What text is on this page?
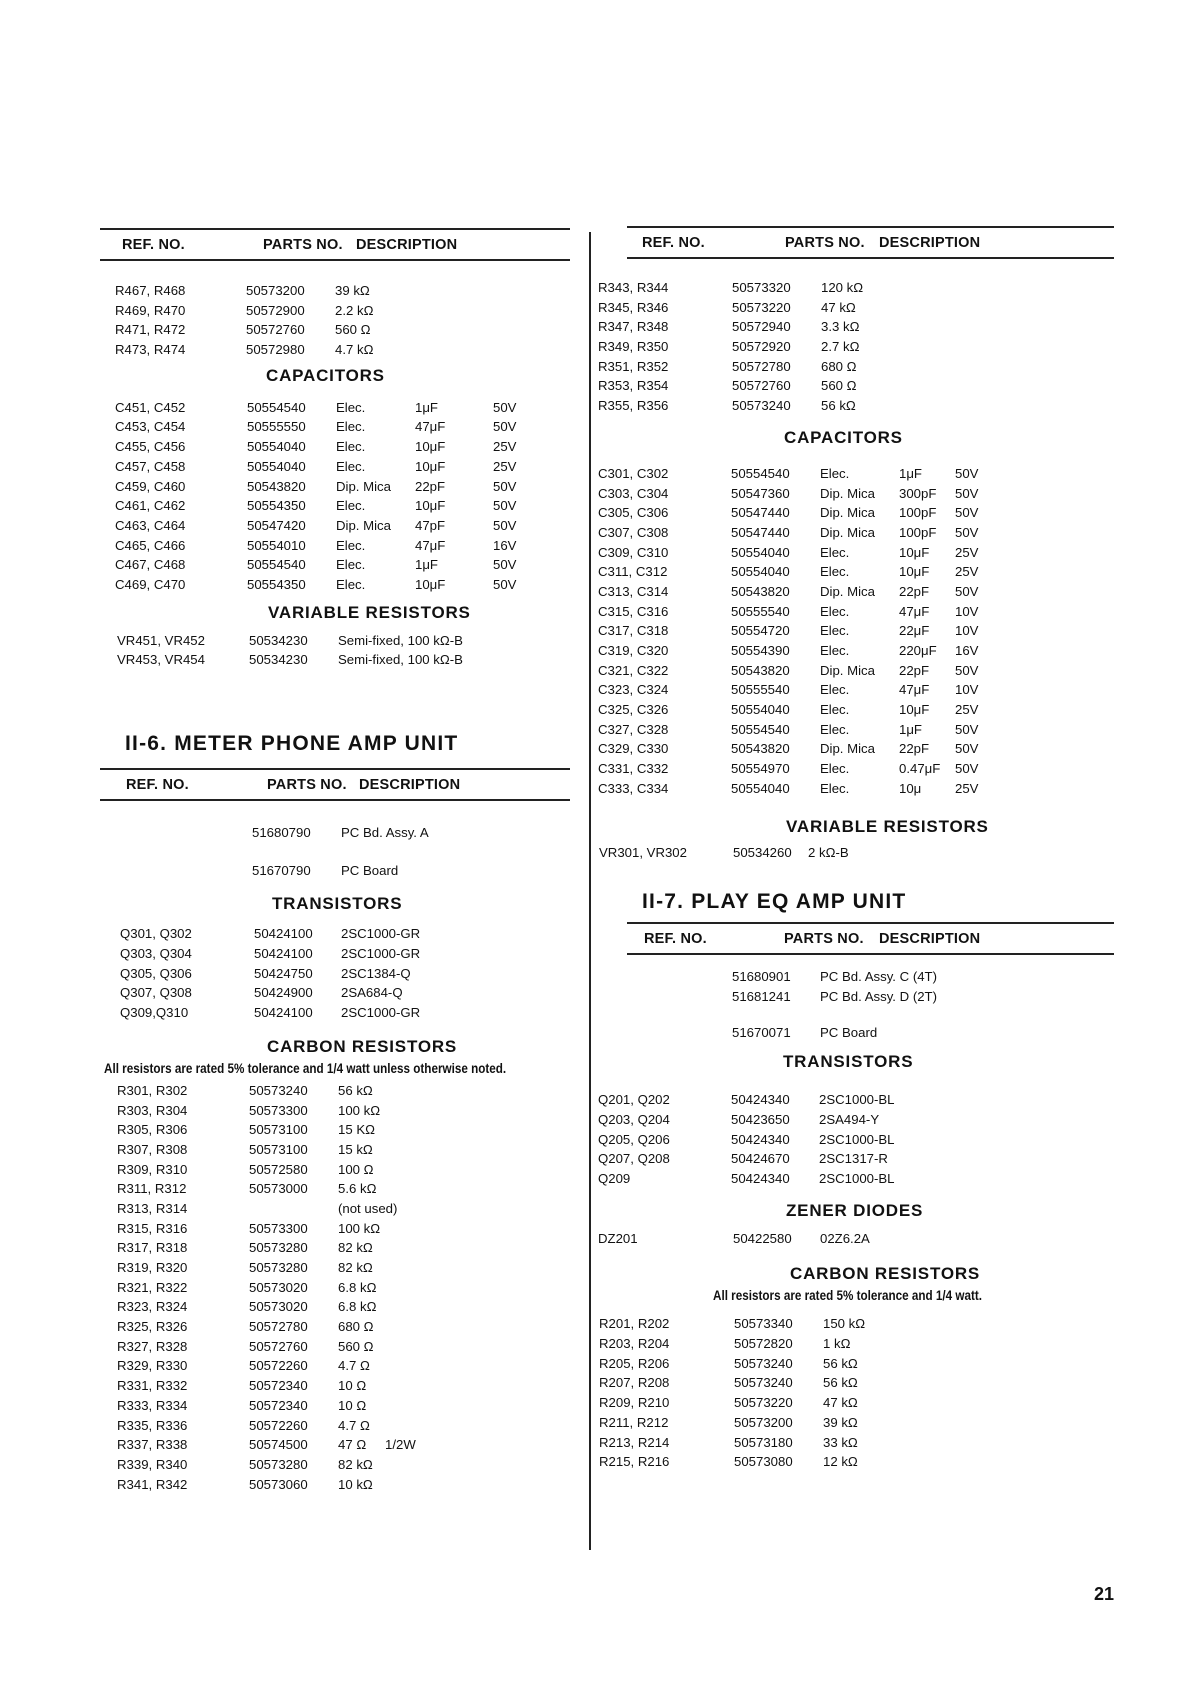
REF. NO.	PARTS NO. DESCRIPTION
R467, R468	50573200 39 kΩ
R469, R470	50572900 2.2 kΩ
R471, R472	50572760 560 Ω
R473, R474	50572980 4.7 kΩ
CAPACITORS
C451, C452	50554540 Elec.	1μF	50V
C453, C454	50555550 Elec.	47μF	50V
C455, C456	50554040 Elec.	10μF	25V
C457, C458	50554040 Elec.	10μF	25V
C459, C460	50543820 Dip. Mica 22pF	50V
C461, C462	50554350 Elec.	10μF	50V
C463, C464	50547420 Dip. Mica 47pF	50V
C465, C466	50554010 Elec.	47μF	16V
C467, C468	50554540 Elec.	1μF	50V
C469, C470	50554350 Elec.	10μF	50V
VARIABLE RESISTORS
VR451, VR452	50534230 Semi-fixed, 100 kΩ-B
VR453, VR454	50534230 Semi-fixed, 100 kΩ-B
II-6. METER PHONE AMP UNIT
REF. NO.	PARTS NO. DESCRIPTION
51680790 PC Bd. Assy. A
51670790 PC Board
TRANSISTORS
Q301, Q302	50424100 2SC1000-GR
Q303, Q304	50424100 2SC1000-GR
Q305, Q306	50424750 2SC1384-Q
Q307, Q308	50424900 2SA684-Q
Q309,Q310	50424100 2SC1000-GR
CARBON RESISTORS
All resistors are rated 5% tolerance and 1/4 watt unless otherwise noted.
R301, R302	50573240 56 kΩ
R303, R304	50573300 100 kΩ
R305, R306	50573100 15 KΩ
R307, R308	50573100 15 kΩ
R309, R310	50572580 100 Ω
R311, R312	50573000 5.6 kΩ
R313, R314	(not used)
R315, R316	50573300 100 kΩ
R317, R318	50573280 82 kΩ
R319, R320	50573280 82 kΩ
R321, R322	50573020 6.8 kΩ
R323, R324	50573020 6.8 kΩ
R325, R326	50572780 680 Ω
R327, R328	50572760 560 Ω
R329, R330	50572260 4.7 Ω
R331, R332	50572340 10 Ω
R333, R334	50572340 10 Ω
R335, R336	50572260 4.7 Ω
R337, R338	50574500 47 Ω 1/2W
R339, R340	50573280 82 kΩ
R341, R342	50573060 10 kΩ
REF. NO.	PARTS NO. DESCRIPTION
R343, R344	50573320 120 kΩ
R345, R346	50573220 47 kΩ
R347, R348	50572940 3.3 kΩ
R349, R350	50572920 2.7 kΩ
R351, R352	50572780 680 Ω
R353, R354	50572760 560 Ω
R355, R356	50573240 56 kΩ
CAPACITORS
C301, C302	50554540 Elec.	1μF	50V
C303, C304	50547360 Dip. Mica 300pF 50V
C305, C306	50547440 Dip. Mica 100pF 50V
C307, C308	50547440 Dip. Mica 100pF 50V
C309, C310	50554040 Elec.	10μF 25V
C311, C312	50554040 Elec.	10μF 25V
C313, C314	50543820 Dip. Mica 22pF 50V
C315, C316	50555540 Elec.	47μF 10V
C317, C318	50554720 Elec.	22μF 10V
C319, C320	50554390 Elec.	220μF 16V
C321, C322	50543820 Dip. Mica 22pF 50V
C323, C324	50555540 Elec.	47μF 10V
C325, C326	50554040 Elec.	10μF 25V
C327, C328	50554540 Elec.	1μF	50V
C329, C330	50543820 Dip. Mica 22pF 50V
C331, C332	50554970 Elec.	0.47μF 50V
C333, C334	50554040 Elec.	10μ	25V
VARIABLE RESISTORS
VR301, VR302	50534260 2 kΩ-B
II-7. PLAY EQ AMP UNIT
REF. NO.	PARTS NO. DESCRIPTION
51680901 PC Bd. Assy. C (4T)
51681241 PC Bd. Assy. D (2T)
51670071 PC Board
TRANSISTORS
Q201, Q202	50424340 2SC1000-BL
Q203, Q204	50423650 2SA494-Y
Q205, Q206	50424340 2SC1000-BL
Q207, Q208	50424670 2SC1317-R
Q209	50424340 2SC1000-BL
ZENER DIODES
DZ201	50422580 02Z6.2A
CARBON RESISTORS
All resistors are rated 5% tolerance and 1/4 watt.
R201, R202	50573340 150 kΩ
R203, R204	50572820 1 kΩ
R205, R206	50573240 56 kΩ
R207, R208	50573240 56 kΩ
R209, R210	50573220 47 kΩ
R211, R212	50573200 39 kΩ
R213, R214	50573180 33 kΩ
R215, R216	50573080 12 kΩ
21
